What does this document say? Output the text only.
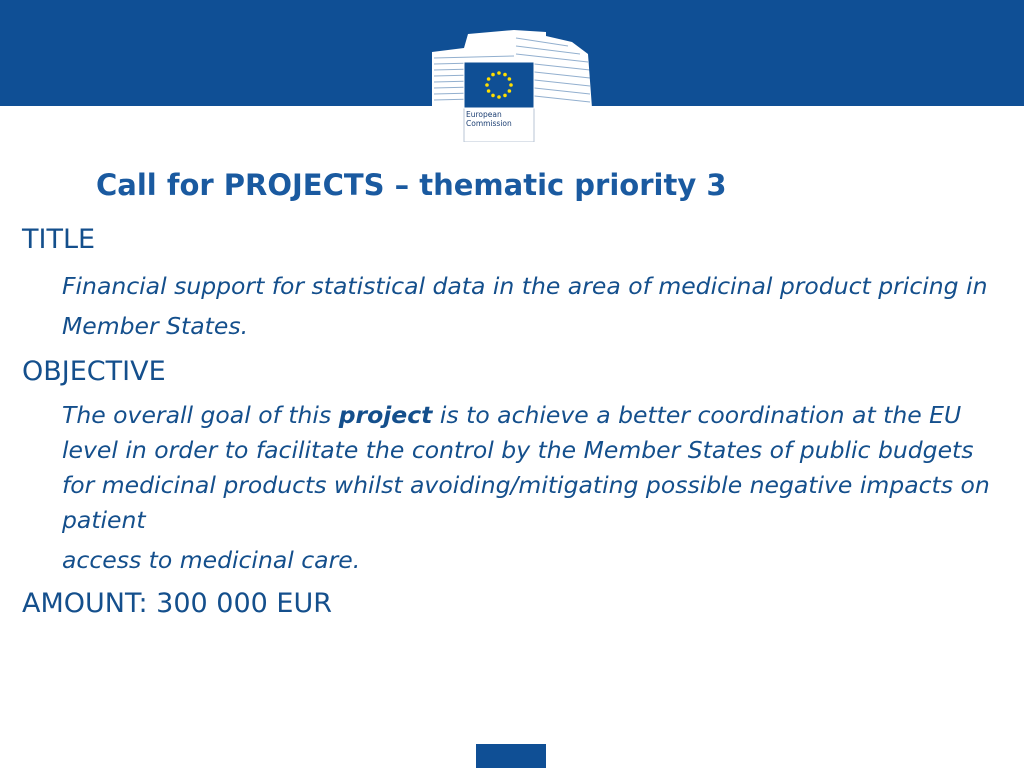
European
Commission
Call for PROJECTS – thematic priority 3
TITLE

Financial support for statistical data in the area of medicinal product pricing in Member States.

OBJECTIVE

The overall goal of this project is to achieve a better coordination at the EU level in order to facilitate the control by the Member States of public budgets for medicinal products whilst avoiding/mitigating possible negative impacts on patient
access to medicinal care.

AMOUNT: 300 000 EUR
